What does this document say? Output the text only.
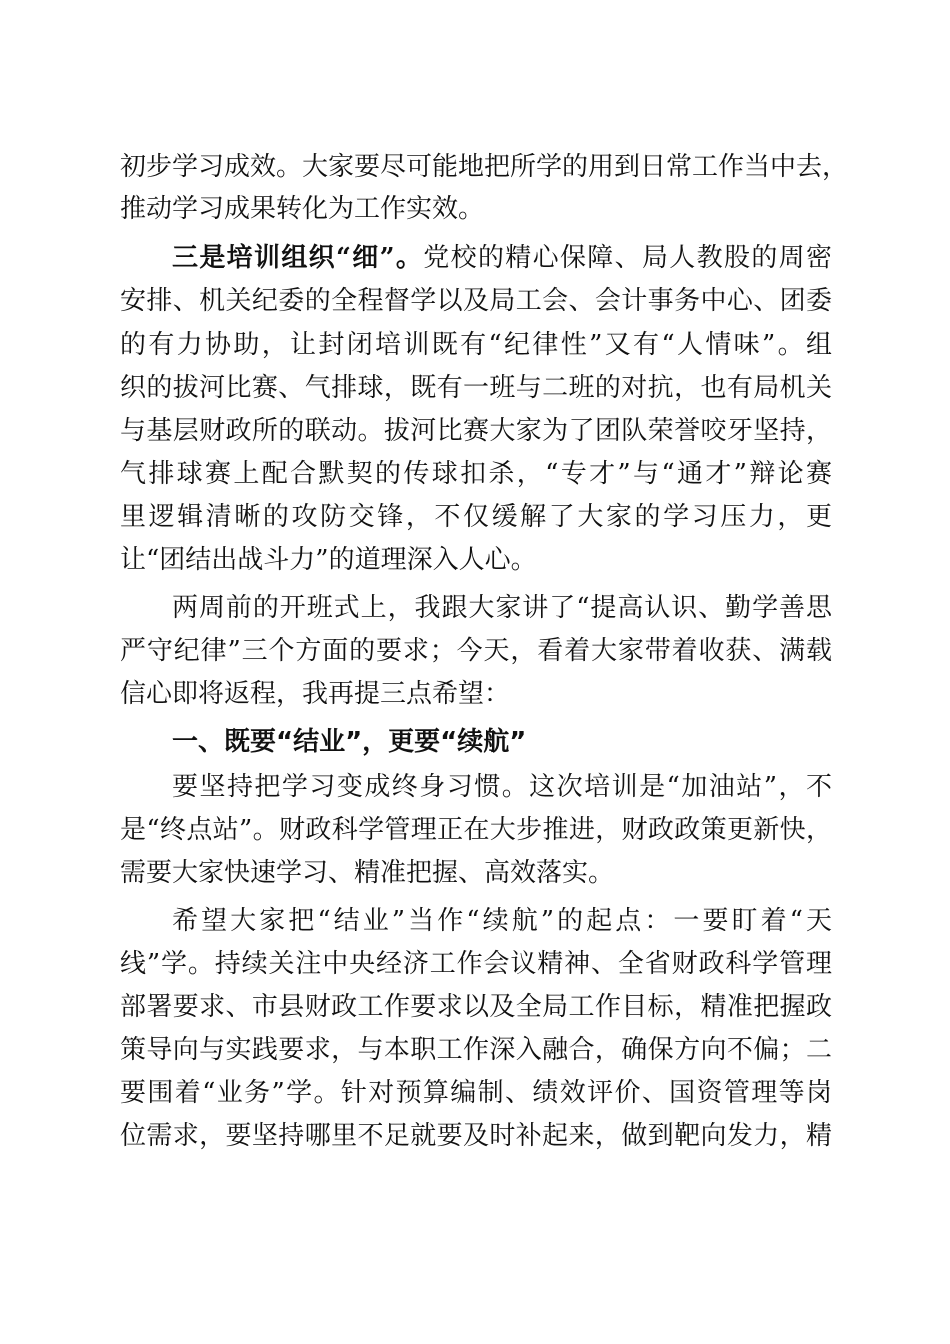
初步学习成效。大家要尽可能地把所学的用到日常工作当中去，

推动学习成果转化为工作实效。

三是培训组织“细”。党校的精心保障、局人教股的周密

安排、机关纪委的全程督学以及局工会、会计事务中心、团委

的有力协助，让封闭培训既有“纪律性”又有“人情味”。组

织的拔河比赛、气排球，既有一班与二班的对抗，也有局机关

与基层财政所的联动。拔河比赛大家为了团队荣誉咬牙坚持，

气排球赛上配合默契的传球扣杀，“专才”与“通才”辩论赛

里逻辑清晰的攻防交锋，不仅缓解了大家的学习压力，更

让“团结出战斗力”的道理深入人心。

两周前的开班式上，我跟大家讲了“提高认识、勤学善思

严守纪律”三个方面的要求；今天，看着大家带着收获、满载

信心即将返程，我再提三点希望：

一、既要“结业”，更要“续航”

要坚持把学习变成终身习惯。这次培训是“加油站”，不

是“终点站”。财政科学管理正在大步推进，财政政策更新快，

需要大家快速学习、精准把握、高效落实。

希望大家把“结业”当作“续航”的起点：一要盯着“天

线”学。持续关注中央经济工作会议精神、全省财政科学管理

部署要求、市县财政工作要求以及全局工作目标，精准把握政

策导向与实践要求，与本职工作深入融合，确保方向不偏；二

要围着“业务”学。针对预算编制、绩效评价、国资管理等岗

位需求，要坚持哪里不足就要及时补起来，做到靶向发力，精
